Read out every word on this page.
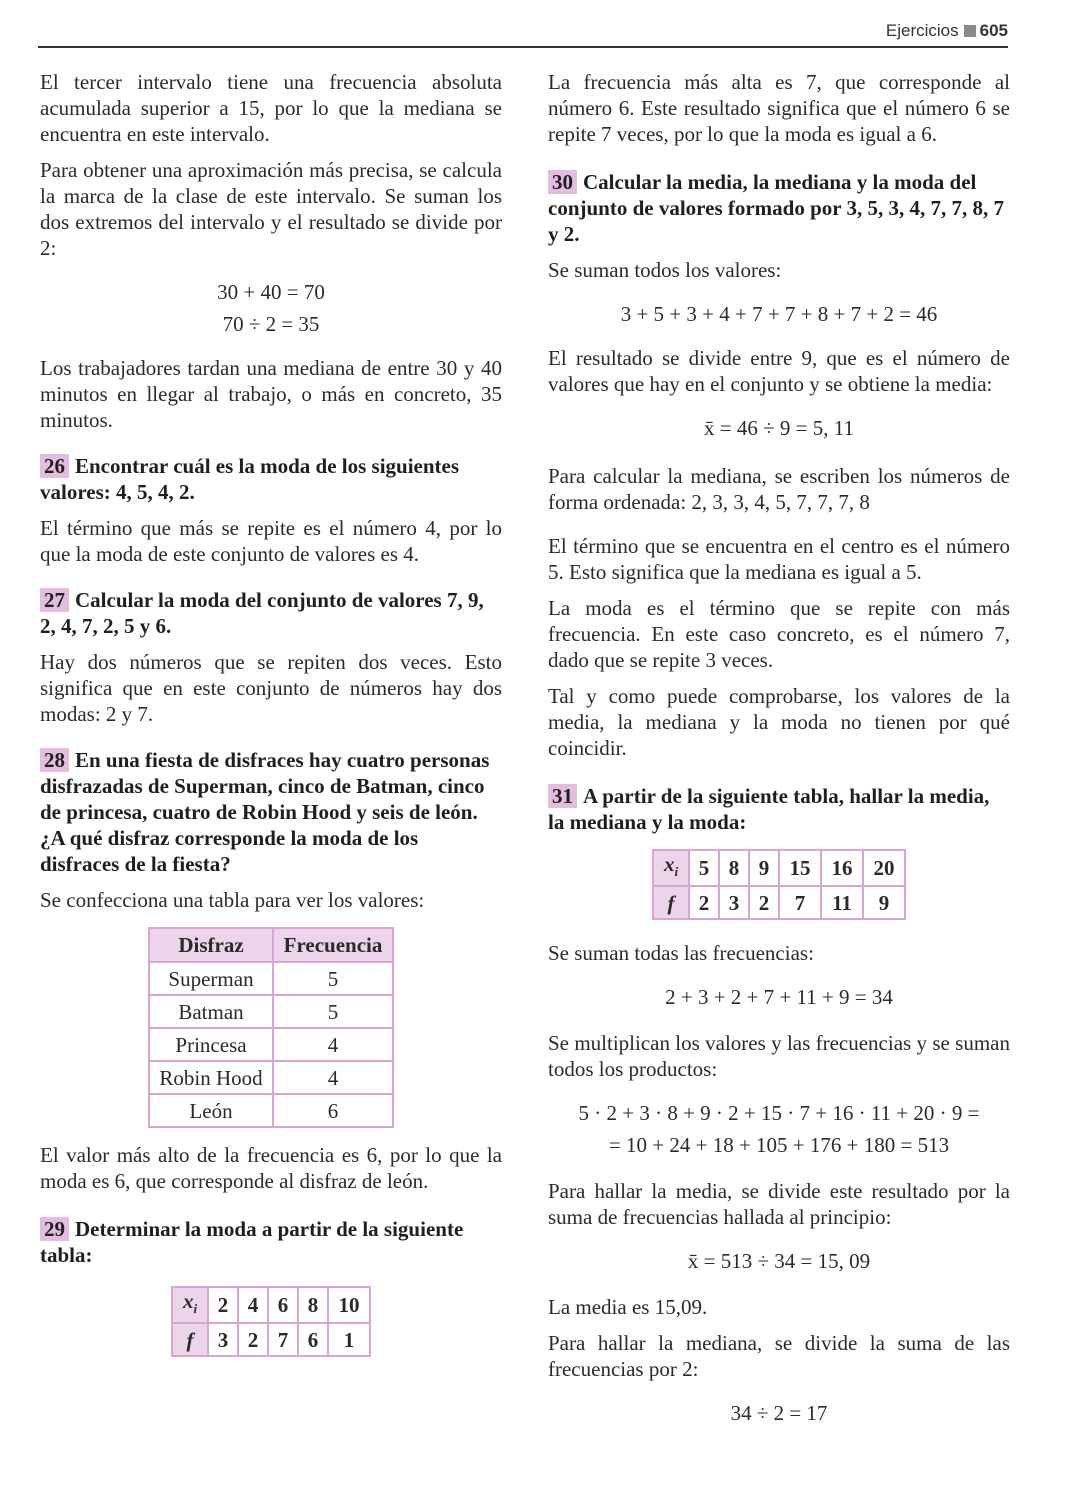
Ejercicios 605

El tercer intervalo tiene una frecuencia absoluta acumulada superior a 15, por lo que la mediana se encuentra en este intervalo.

Para obtener una aproximación más precisa, se calcula la marca de la clase de este intervalo. Se suman los dos extremos del intervalo y el resultado se divide por 2:

30 + 40 = 70
70 ÷ 2 = 35

Los trabajadores tardan una mediana de entre 30 y 40 minutos en llegar al trabajo, o más en concreto, 35 minutos.

26 Encontrar cuál es la moda de los siguientes valores: 4, 5, 4, 2.

El término que más se repite es el número 4, por lo que la moda de este conjunto de valores es 4.

27 Calcular la moda del conjunto de valores 7, 9, 2, 4, 7, 2, 5 y 6.

Hay dos números que se repiten dos veces. Esto significa que en este conjunto de números hay dos modas: 2 y 7.

28 En una fiesta de disfraces hay cuatro personas disfrazadas de Superman, cinco de Batman, cinco de princesa, cuatro de Robin Hood y seis de león. ¿A qué disfraz corresponde la moda de los disfraces de la fiesta?

Se confecciona una tabla para ver los valores:

Disfraz	Frecuencia
Superman	5
Batman	5
Princesa	4
Robin Hood	4
León	6

El valor más alto de la frecuencia es 6, por lo que la moda es 6, que corresponde al disfraz de león.

29 Determinar la moda a partir de la siguiente tabla:
$x_i$	2	4	6	8	10
f	3	2	7	6	1

La frecuencia más alta es 7, que corresponde al número 6. Este resultado significa que el número 6 se repite 7 veces, por lo que la moda es igual a 6.

30 Calcular la media, la mediana y la moda del conjunto de valores formado por 3, 5, 3, 4, 7, 7, 8, 7 y 2.

Se suman todos los valores:

3 + 5 + 3 + 4 + 7 + 7 + 8 + 7 + 2 = 46

El resultado se divide entre 9, que es el número de valores que hay en el conjunto y se obtiene la media:

x̄ = 46 ÷ 9 = 5, 11

Para calcular la mediana, se escriben los números de forma ordenada: 2, 3, 3, 4, 5, 7, 7, 7, 8

El término que se encuentra en el centro es el número 5. Esto significa que la mediana es igual a 5.

La moda es el término que se repite con más frecuencia. En este caso concreto, es el número 7, dado que se repite 3 veces.

Tal y como puede comprobarse, los valores de la media, la mediana y la moda no tienen por qué coincidir.

31 A partir de la siguiente tabla, hallar la media, la mediana y la moda:
$x_i$	5	8	9	15	16	20
f	2	3	2	7	11	9

Se suman todas las frecuencias:

2 + 3 + 2 + 7 + 11 + 9 = 34

Se multiplican los valores y las frecuencias y se suman todos los productos:

5 · 2 + 3 · 8 + 9 · 2 + 15 · 7 + 16 · 11 + 20 · 9 =
= 10 + 24 + 18 + 105 + 176 + 180 = 513

Para hallar la media, se divide este resultado por la suma de frecuencias hallada al principio:

x̄ = 513 ÷ 34 = 15, 09

La media es 15,09.

Para hallar la mediana, se divide la suma de las frecuencias por 2:

34 ÷ 2 = 17
